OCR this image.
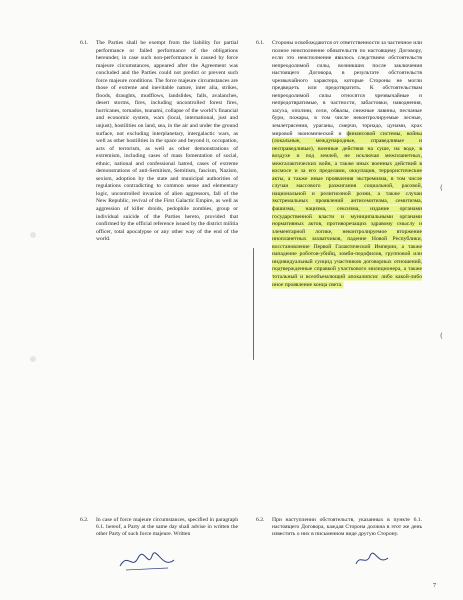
6.1. The Parties shall be exempt from the liability for partial performance or failed performance of the obligations hereunder, in case such non-performance is caused by force majeure circumstances, appeared after the Agreement was concluded and the Parties could not predict or prevent such force majeure conditions. The force majeure circumstances are those of extreme and inevitable nature, inter alia, strikes, floods, draughts, mudflows, landslides, falls, avalanches, desert storms, fires, including uncontrolled forest fires, hurricanes, tornados, tsunami, collapse of the world’s financial and economic system, wars (local, international, just and unjust), hostilities on land, sea, in the air and under the ground surface, not excluding interplanetary, intergalactic wars, as well as other hostilities in the space and beyond it, occupation, acts of terrorism, as well as other demonstrations of extremism, including cases of mass fomentation of social, ethnic, national and confessional hatred, cases of extreme demonstrations of anti-Semitism, Semitism, fascism, Nazism, sexism, adoption by the state and municipal authorities of regulations contradicting to common sense and elementary logic, uncontrolled invasion of alien aggressors, fall of the New Republic, revival of the First Galactic Empire, as well as aggression of killer droids, pedophile zombies, group or individual suicide of the Parties hereto, provided that confirmed by the official reference issued by the district militia officer, total apocalypse or any other way of the end of the world.
6.1. Стороны освобождаются от ответственности за частичное или полное неисполнение обязательств по настоящему Договору, если это неисполнение явилось следствием обстоятельств непреодолимой силы, возникших после заключения настоящего Договора, в результате обстоятельств чрезвычайного характера, которые Стороны не могли предвидеть или предотвратить. К обстоятельствам непреодолимой силы относятся чрезвычайные и непредотвратимые, в частности, забастовки, наводнения, засуха, оползни, сели, обвалы, снежные лавины, песчаные бури, пожары, в том числе неконтролируемые лесные, землетрясения, ураганы, смерчи, торнадо, цунами, крах мировой экономической и финансовой системы, войны (локальные, международные, справедливые и несправедливые), военные действия на суше, на воде, в воздухе и под землей, не исключая межпланетных, межгалактических войн, а также иных военных действий в космосе и за его пределами, оккупация, террористические акты, а также иные проявления экстремизма, в том числе случаи массового разжигания социальной, расовой, национальной и религиозной розни, а также случаи экстремальных проявлений антисемитизма, семитизма, фашизма, нацизма, сексизма, издание органами государственной власти и муниципальными органами нормативных актов, противоречащих здравому смыслу и элементарной логике, неконтролируемое вторжение инопланетных захватчиков, падение Новой Республики, восстановление Первой Галактической Империи, а также нападение роботов-убийц, зомби-педофилов, групповой или индивидуальный суицид участников договорных отношений, подтвержденные справкой участкового милиционера, а также тотальный и всеобъемлющий апокалипсис либо какой-либо иное проявление конца света.
(
(
6.2. In case of force majeure circumstances, specified in paragraph 6.1. hereof, a Party at the same day shall advise in written the other Party of such force majeure. Written
6.2. При наступлении обстоятельств, указанных в пункте 6.1. настоящего Договора, каждая Сторона должна в этот же день известить о них в письменном виде другую Сторону.
7
